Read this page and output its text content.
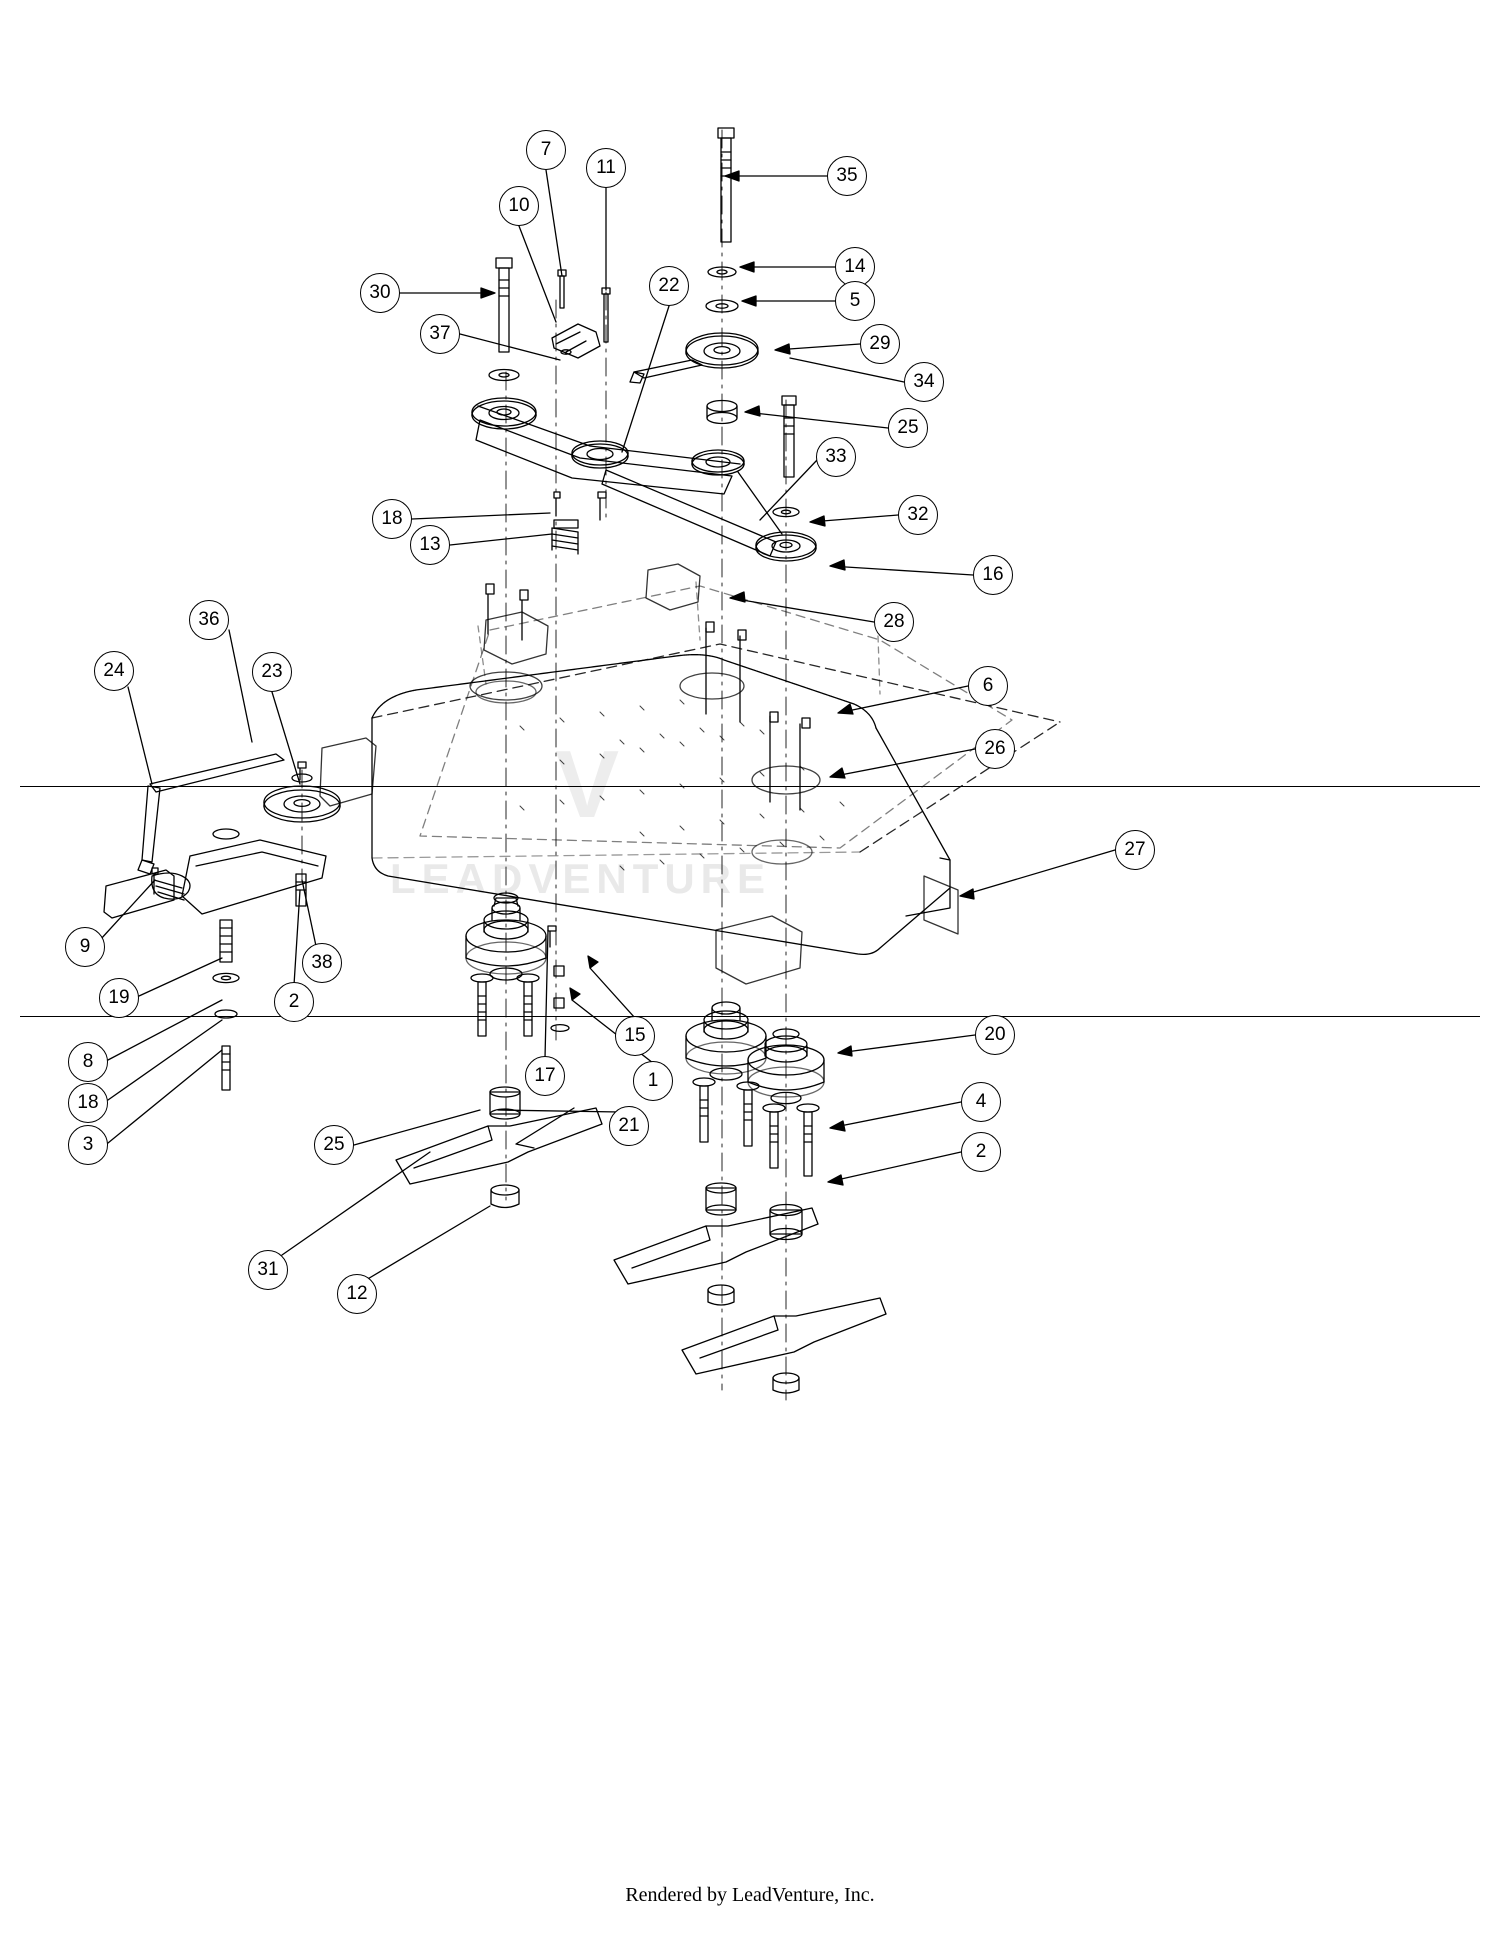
V
LEADVENTURE
7
11	35
10
14
30	22
5
37	29
34
25
33
18	32
13
16
28
36
24	23
6
26
27
9
38
19	2
15	20
8
17	1
18	4
3	25
21
2
31
12
Rendered by LeadVenture, Inc.
